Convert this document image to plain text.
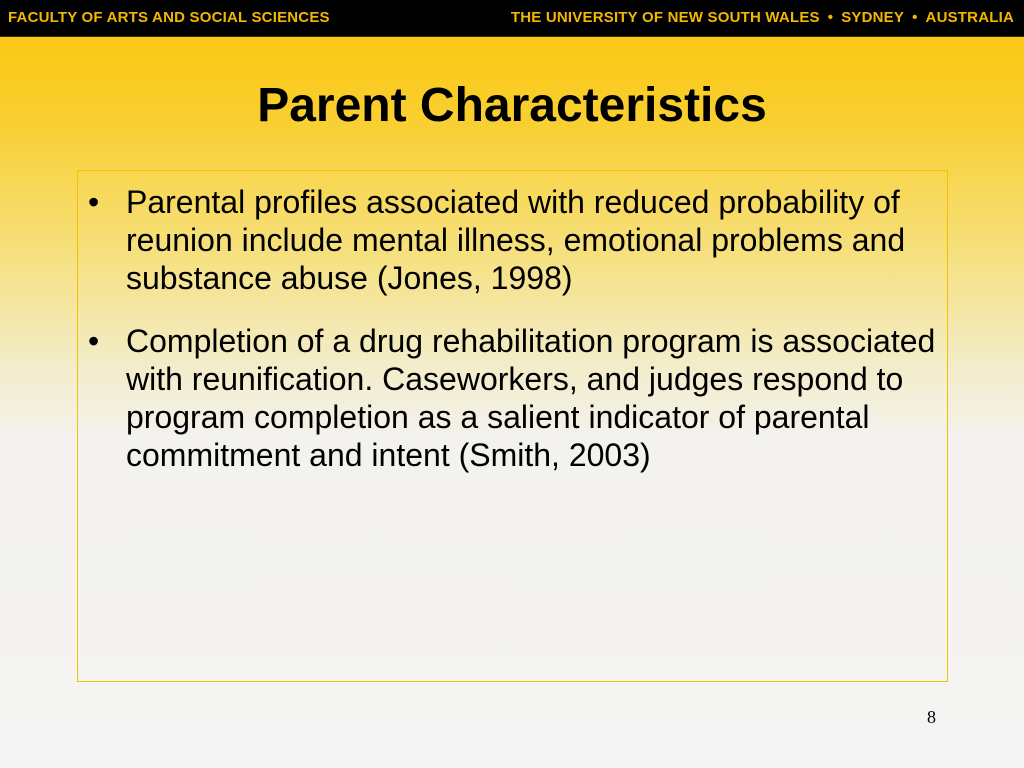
FACULTY OF ARTS AND SOCIAL SCIENCES	THE UNIVERSITY OF NEW SOUTH WALES • SYDNEY • AUSTRALIA
Parent Characteristics
• Parental profiles associated with reduced probability of reunion include mental illness, emotional problems and substance abuse (Jones, 1998)
• Completion of a drug rehabilitation program is associated with reunification. Caseworkers, and judges respond to program completion as a salient indicator of parental commitment and intent (Smith, 2003)
8
